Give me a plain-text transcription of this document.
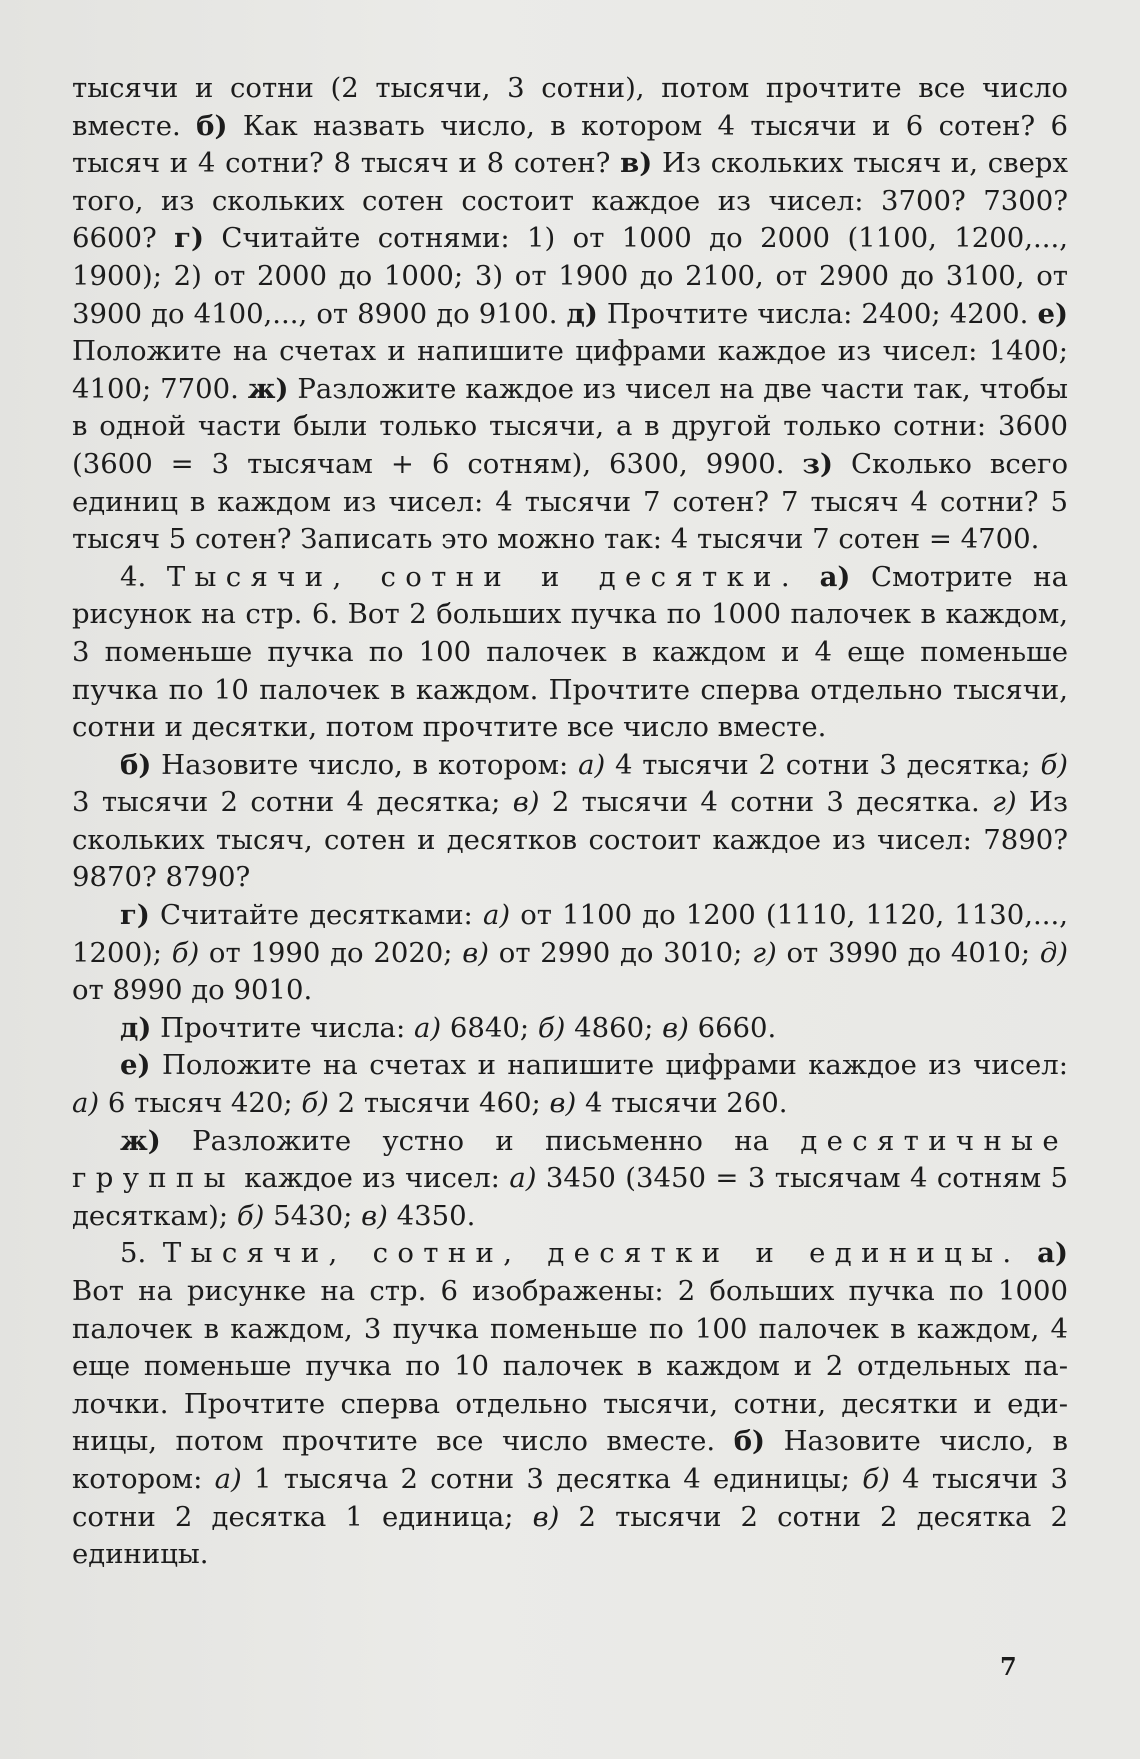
тысячи и сотни (2 тысячи, 3 сотни), потом прочтите все число вместе. б) Как назвать число, в котором 4 тысячи и 6 сотен? 6 тысяч и 4 сотни? 8 тысяч и 8 сотен? в) Из скольких тысяч и, сверх того, из скольких сотен состоит каждое из чисел: 3700? 7300? 6600? г) Считайте сотнями: 1) от 1000 до 2000 (1100, 1200,..., 1900); 2) от 2000 до 1000; 3) от 1900 до 2100, от 2900 до 3100, от 3900 до 4100,..., от 8900 до 9100. д) Прочтите числа: 2400; 4200. е) Положите на счетах и напишите цифрами каждое из чисел: 1400; 4100; 7700. ж) Разложите каждое из чисел на две части так, чтобы в одной части были только тысячи, а в другой только сотни: 3600 (3600 = 3 тысячам + 6 сотням), 6300, 9900. з) Сколько всего единиц в каждом из чисел: 4 тысячи 7 сотен? 7 тысяч 4 сотни? 5 тысяч 5 сотен? Записать это можно так: 4 тысячи 7 сотен = 4700.

4. Тысячи, сотни и десятки. а) Смотрите на рисунок на стр. 6. Вот 2 больших пучка по 1000 палочек в каждом, 3 поменьше пучка по 100 палочек в каждом и 4 еще поменьше пучка по 10 палочек в каждом. Прочтите сперва отдельно тысячи, сотни и десятки, потом прочтите все число вместе.

б) Назовите число, в котором: а) 4 тысячи 2 сотни 3 десятка; б) 3 тысячи 2 сотни 4 десятка; в) 2 тысячи 4 сотни 3 десятка. г) Из скольких тысяч, сотен и десятков состоит каждое из чисел: 7890? 9870? 8790?

г) Считайте десятками: а) от 1100 до 1200 (1110, 1120, 1130,..., 1200); б) от 1990 до 2020; в) от 2990 до 3010; г) от 3990 до 4010; д) от 8990 до 9010.

д) Прочтите числа: а) 6840; б) 4860; в) 6660.

е) Положите на счетах и напишите цифрами каждое из чисел: а) 6 тысяч 420; б) 2 тысячи 460; в) 4 тысячи 260.

ж) Разложите устно и письменно на десятичные группы каждое из чисел: а) 3450 (3450 = 3 тысячам 4 сотням 5 десяткам); б) 5430; в) 4350.

5. Тысячи, сотни, десятки и единицы. а) Вот на рисунке на стр. 6 изображены: 2 больших пучка по 1000 палочек в каждом, 3 пучка поменьше по 100 палочек в каждом, 4 еще поменьше пучка по 10 палочек в каждом и 2 отдельных палочки. Прочтите сперва отдельно тысячи, сотни, десятки и единицы, потом прочтите все число вместе. б) Назовите число, в котором: а) 1 тысяча 2 сотни 3 десятка 4 единицы; б) 4 тысячи 3 сотни 2 десятка 1 единица; в) 2 тысячи 2 сотни 2 десятка 2 единицы.

7
